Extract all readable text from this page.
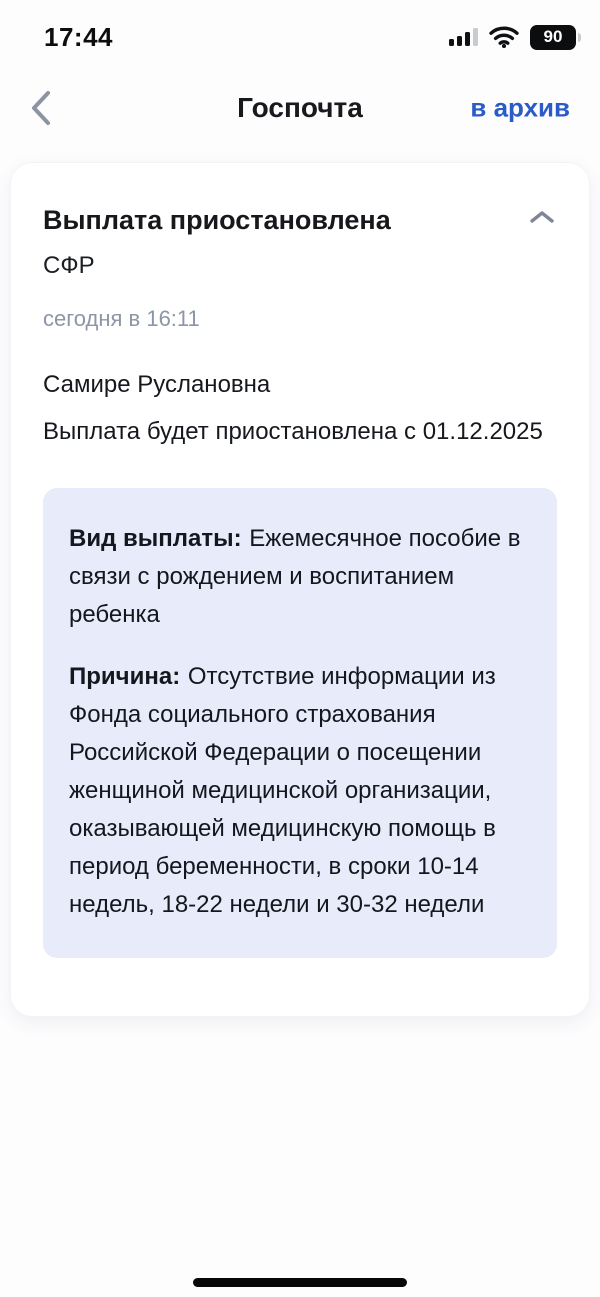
17:44	90
Госпочта	в архив
Выплата приостановлена
СФР
сегодня в 16:11
Самире Руслановна
Выплата будет приостановлена с 01.12.2025

Вид выплаты: Ежемесячное пособие в связи с рождением и воспитанием ребенка

Причина: Отсутствие информации из Фонда социального страхования Российской Федерации о посещении женщиной медицинской организации, оказывающей медицинскую помощь в период беременности, в сроки 10-14 недель, 18-22 недели и 30-32 недели
